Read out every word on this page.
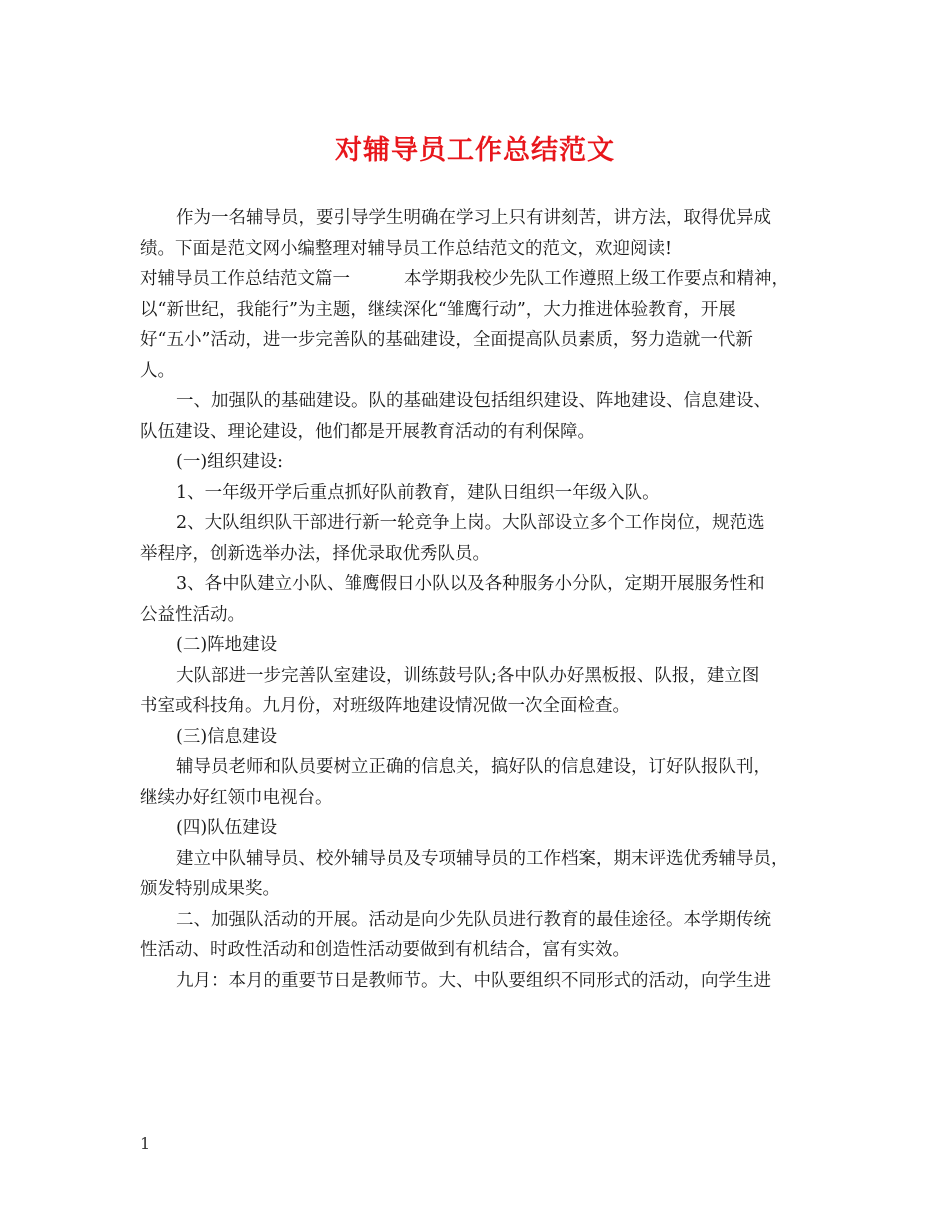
对辅导员工作总结范文

作为一名辅导员，要引导学生明确在学习上只有讲刻苦，讲方法，取得优异成

绩。下面是范文网小编整理对辅导员工作总结范文的范文，欢迎阅读!

对辅导员工作总结范文篇一	本学期我校少先队工作遵照上级工作要点和精神，

以“新世纪，我能行”为主题，继续深化“雏鹰行动”，大力推进体验教育，开展

好“五小”活动，进一步完善队的基础建设，全面提高队员素质，努力造就一代新

人。

一、加强队的基础建设。队的基础建设包括组织建设、阵地建设、信息建设、

队伍建设、理论建设，他们都是开展教育活动的有利保障。

(一)组织建设:

1、一年级开学后重点抓好队前教育，建队日组织一年级入队。

2、大队组织队干部进行新一轮竞争上岗。大队部设立多个工作岗位，规范选

举程序，创新选举办法，择优录取优秀队员。

3、各中队建立小队、雏鹰假日小队以及各种服务小分队，定期开展服务性和

公益性活动。

(二)阵地建设

大队部进一步完善队室建设，训练鼓号队;各中队办好黑板报、队报，建立图

书室或科技角。九月份，对班级阵地建设情况做一次全面检查。

(三)信息建设

辅导员老师和队员要树立正确的信息关，搞好队的信息建设，订好队报队刊，

继续办好红领巾电视台。

(四)队伍建设

建立中队辅导员、校外辅导员及专项辅导员的工作档案，期末评选优秀辅导员，

颁发特别成果奖。

二、加强队活动的开展。活动是向少先队员进行教育的最佳途径。本学期传统

性活动、时政性活动和创造性活动要做到有机结合，富有实效。

九月：本月的重要节日是教师节。大、中队要组织不同形式的活动，向学生进

1
